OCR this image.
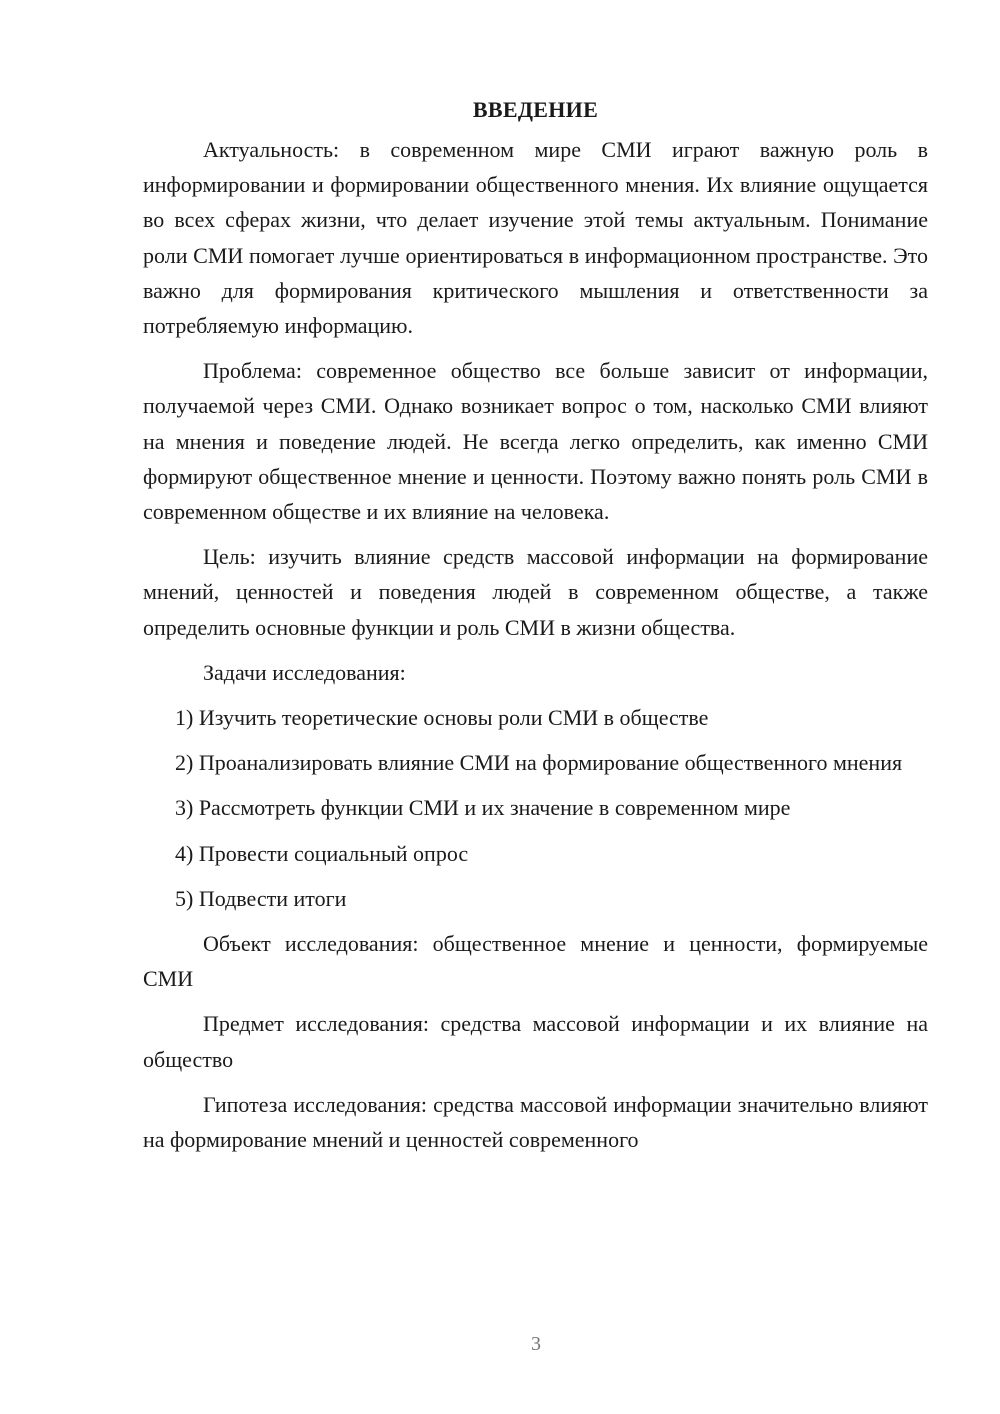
ВВЕДЕНИЕ

Актуальность: в современном мире СМИ играют важную роль в информировании и формировании общественного мнения. Их влияние ощущается во всех сферах жизни, что делает изучение этой темы актуальным. Понимание роли СМИ помогает лучше ориентироваться в информационном пространстве. Это важно для формирования критического мышления и ответственности за потребляемую информацию.

Проблема: современное общество все больше зависит от информации, получаемой через СМИ. Однако возникает вопрос о том, насколько СМИ влияют на мнения и поведение людей. Не всегда легко определить, как именно СМИ формируют общественное мнение и ценности. Поэтому важно понять роль СМИ в современном обществе и их влияние на человека.

Цель: изучить влияние средств массовой информации на формирование мнений, ценностей и поведения людей в современном обществе, а также определить основные функции и роль СМИ в жизни общества.

Задачи исследования:

1) Изучить теоретические основы роли СМИ в обществе

2) Проанализировать влияние СМИ на формирование общественного мнения

3) Рассмотреть функции СМИ и их значение в современном мире

4) Провести социальный опрос

5) Подвести итоги

Объект исследования: общественное мнение и ценности, формируемые СМИ

Предмет исследования: средства массовой информации и их влияние на общество

Гипотеза исследования: средства массовой информации значительно влияют на формирование мнений и ценностей современного

3
